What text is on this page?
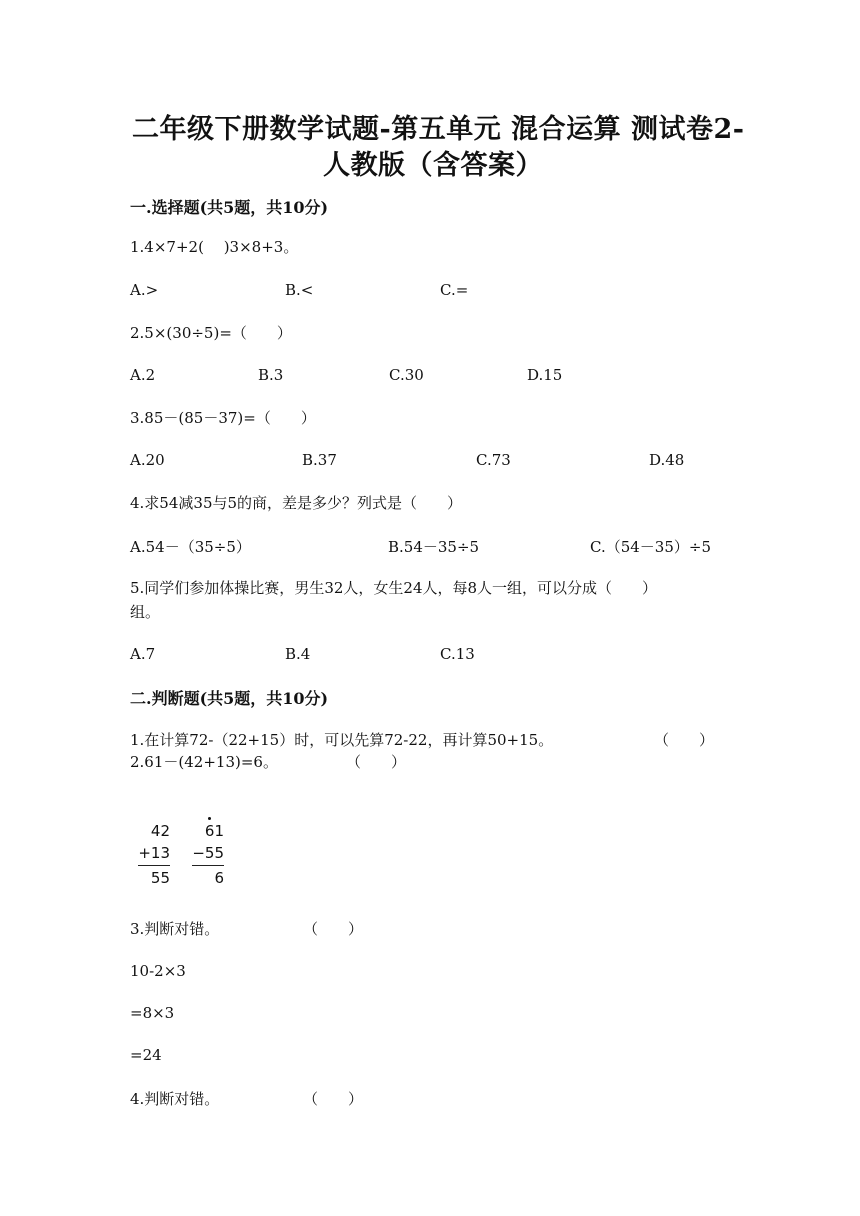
二年级下册数学试题-第五单元 混合运算 测试卷2-
人教版（含答案）
一.选择题(共5题，共10分)
1.4×7+2(　 )3×8+3。
A.>	B.<	C.=
2.5×(30÷5)=（　　）
A.2	B.3	C.30	D.15
3.85－(85－37)=（　　）
A.20	B.37	C.73	D.48
4.求54减35与5的商，差是多少？列式是（　　）
A.54－（35÷5）	B.54－35÷5	C.（54－35）÷5
5.同学们参加体操比赛，男生32人，女生24人，每8人一组，可以分成（　　）
组。
A.7	B.4	C.13
二.判断题(共5题，共10分)
1.在计算72-（22+15）时，可以先算72-22，再计算50+15。	（　　）
2.61－(42+13)=6。	（　　）
42
+13
55
61
−55
6
3.判断对错。	（　　）
10-2×3
=8×3
=24
4.判断对错。	（　　）
